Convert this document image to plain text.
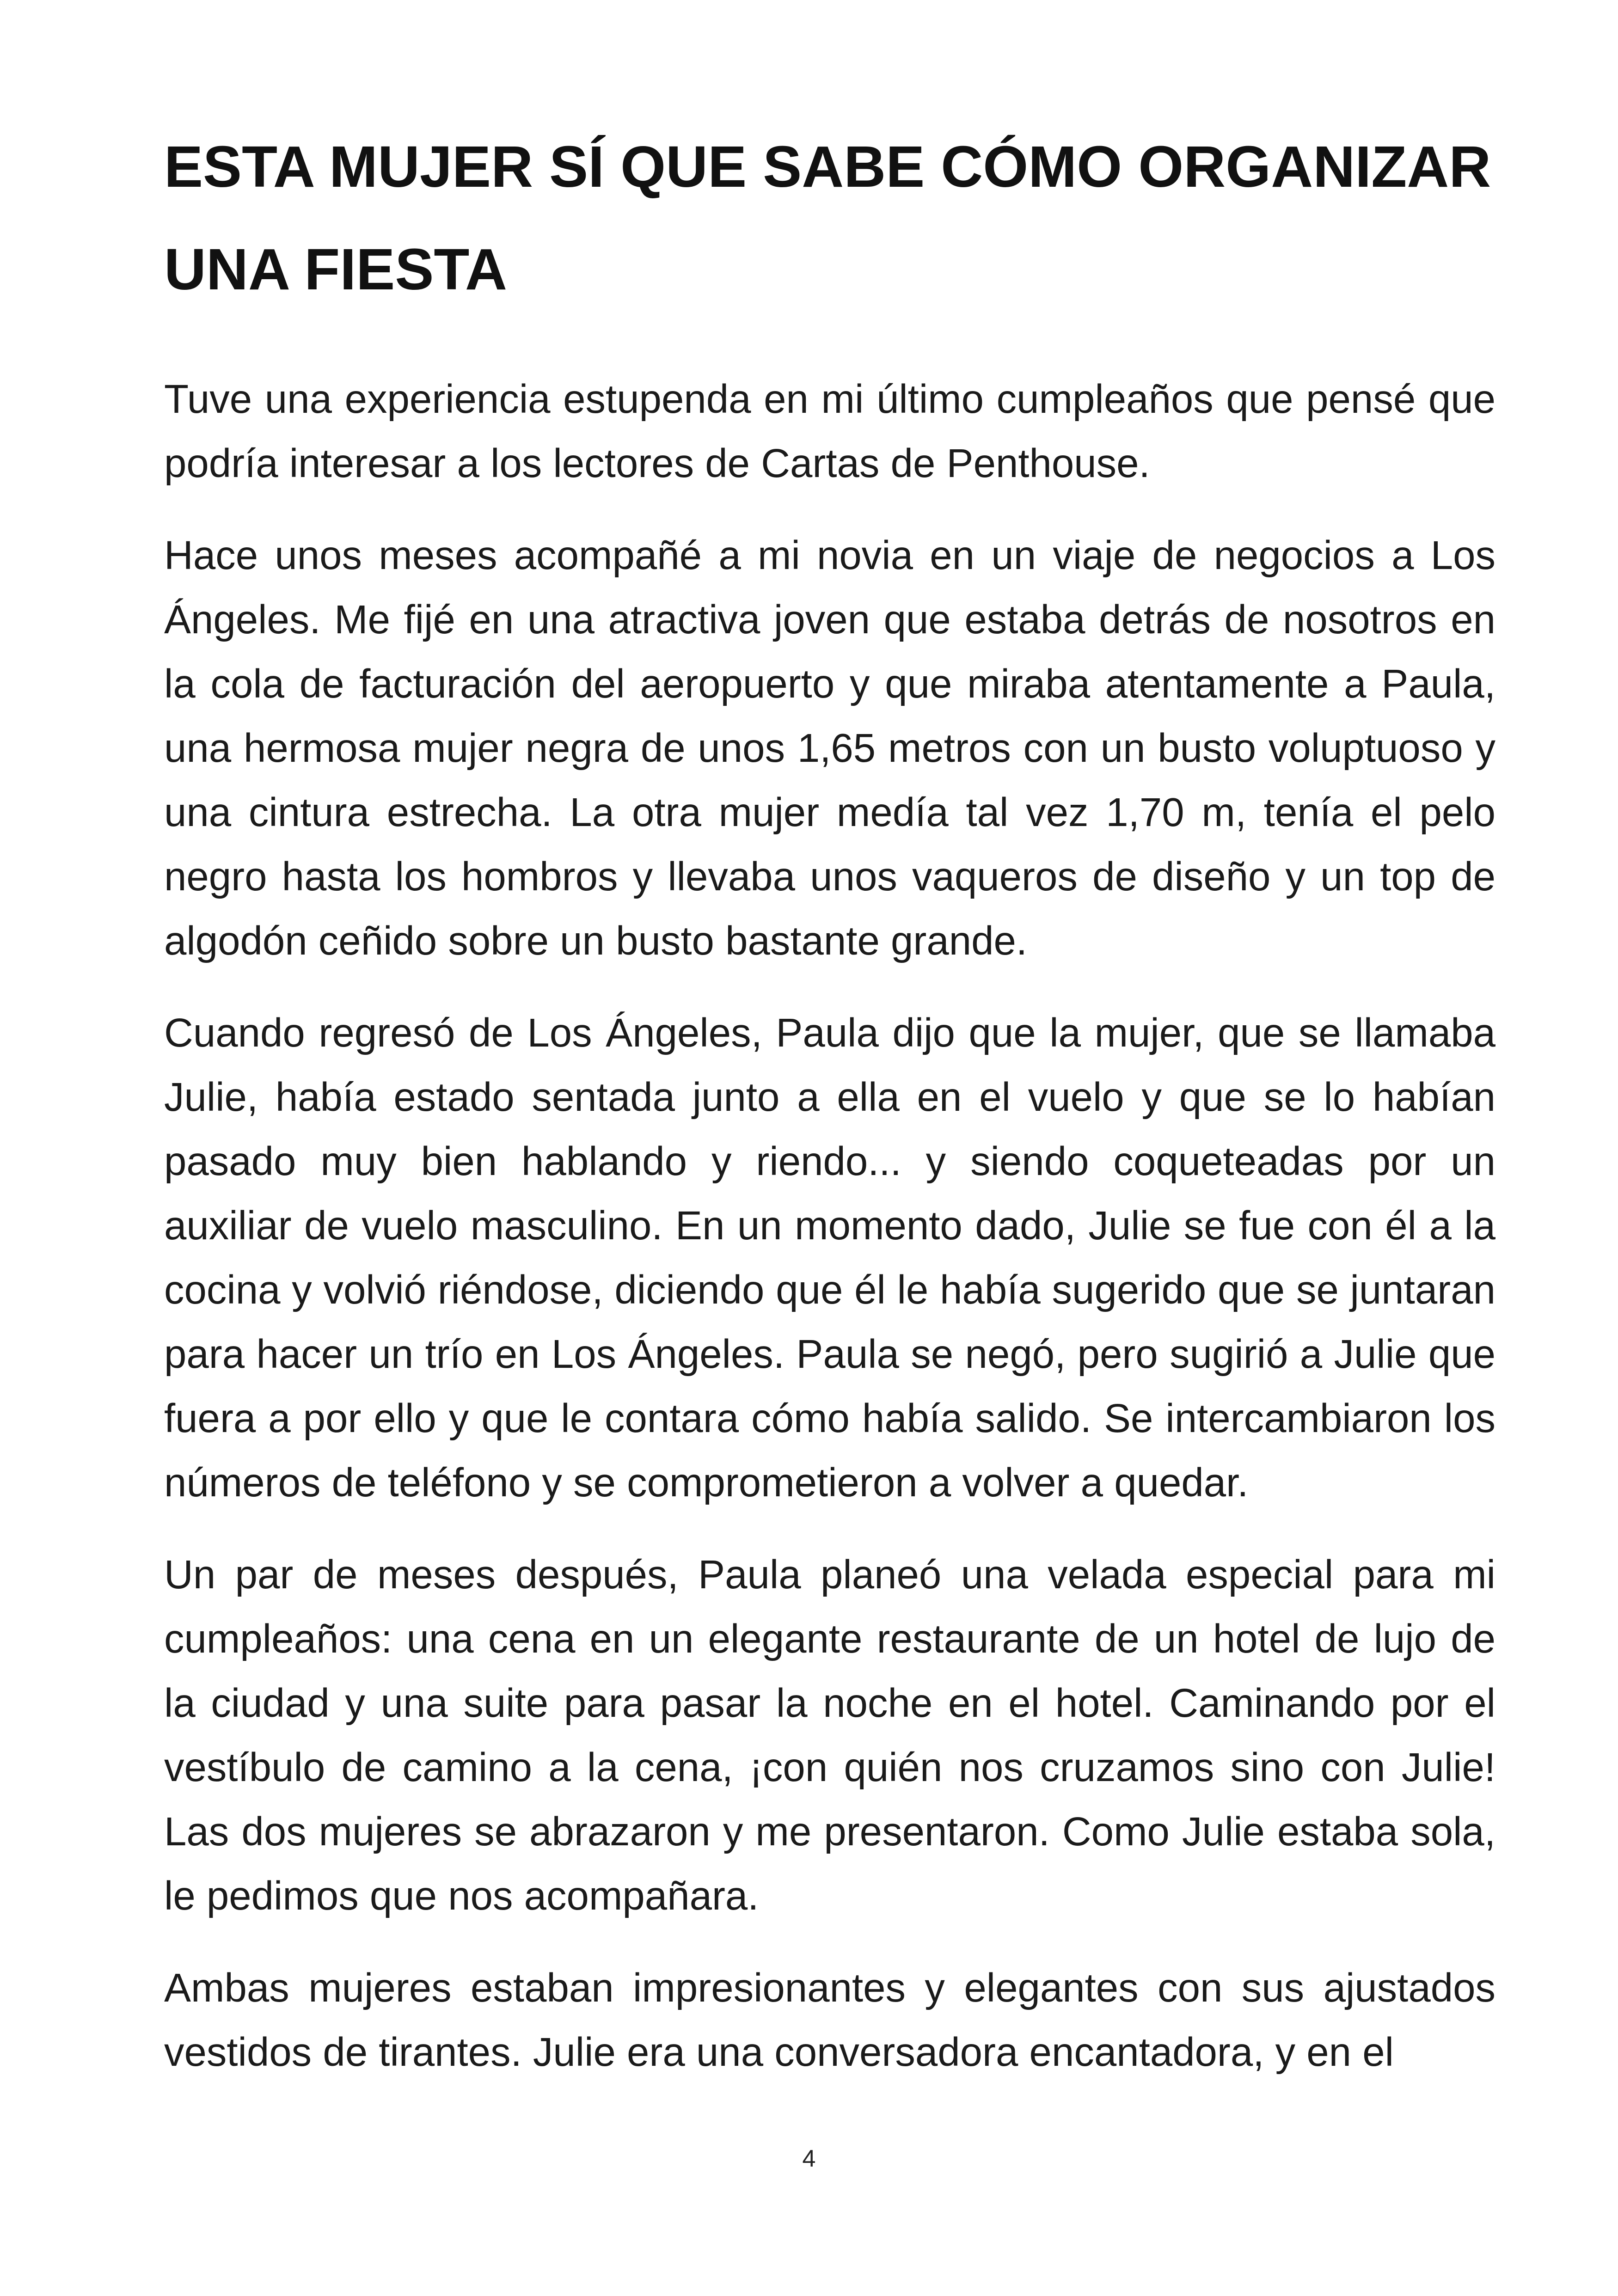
ESTA MUJER SÍ QUE SABE CÓMO ORGANIZAR UNA FIESTA

Tuve una experiencia estupenda en mi último cumpleaños que pensé que podría interesar a los lectores de Cartas de Penthouse.

Hace unos meses acompañé a mi novia en un viaje de negocios a Los Ángeles. Me fijé en una atractiva joven que estaba detrás de nosotros en la cola de facturación del aeropuerto y que miraba atentamente a Paula, una hermosa mujer negra de unos 1,65 metros con un busto voluptuoso y una cintura estrecha. La otra mujer medía tal vez 1,70 m, tenía el pelo negro hasta los hombros y llevaba unos vaqueros de diseño y un top de algodón ceñido sobre un busto bastante grande.

Cuando regresó de Los Ángeles, Paula dijo que la mujer, que se llamaba Julie, había estado sentada junto a ella en el vuelo y que se lo habían pasado muy bien hablando y riendo... y siendo coqueteadas por un auxiliar de vuelo masculino. En un momento dado, Julie se fue con él a la cocina y volvió riéndose, diciendo que él le había sugerido que se juntaran para hacer un trío en Los Ángeles. Paula se negó, pero sugirió a Julie que fuera a por ello y que le contara cómo había salido. Se intercambiaron los números de teléfono y se comprometieron a volver a quedar.

Un par de meses después, Paula planeó una velada especial para mi cumpleaños: una cena en un elegante restaurante de un hotel de lujo de la ciudad y una suite para pasar la noche en el hotel. Caminando por el vestíbulo de camino a la cena, ¡con quién nos cruzamos sino con Julie! Las dos mujeres se abrazaron y me presentaron. Como Julie estaba sola, le pedimos que nos acompañara.

Ambas mujeres estaban impresionantes y elegantes con sus ajustados vestidos de tirantes. Julie era una conversadora encantadora, y en el

4
